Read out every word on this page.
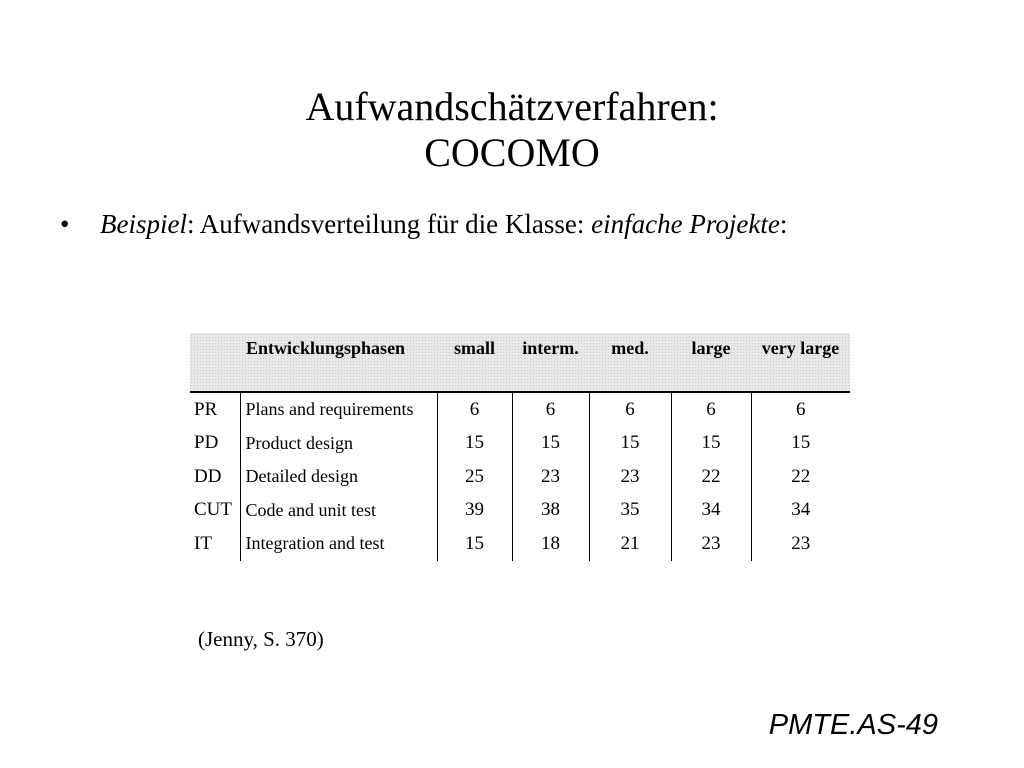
Aufwandschätzverfahren:
COCOMO
• Beispiel: Aufwandsverteilung für die Klasse: einfache Projekte:
	Entwicklungsphasen	small	interm.	med.	large	very large
PR	Plans and requirements	6	6	6	6	6
PD	Product design	15	15	15	15	15
DD	Detailed design	25	23	23	22	22
CUT	Code and unit test	39	38	35	34	34
IT	Integration and test	15	18	21	23	23
(Jenny, S. 370)
PMTE.AS-49
